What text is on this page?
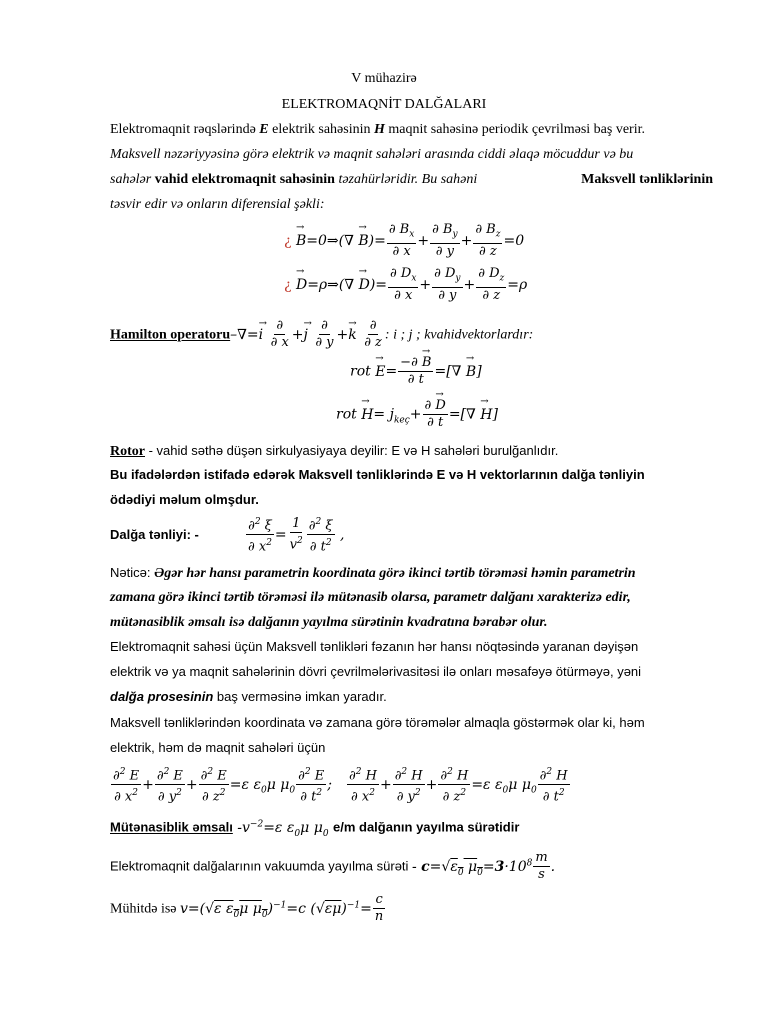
V mühazirə
ELEKTROMAQNİT DALĞALARI
Elektromaqnit rəqslərində E elektrik sahəsinin H maqnit sahəsinə periodik çevrilməsi baş verir.
Maksvell nəzəriyyəsinə görə elektrik və maqnit sahələri arasında ciddi əlaqə möcuddur və bu
sahələr vahid elektromaqnit sahəsinin təzahürləridir. Bu sahəni	Maksvell tənliklərinin
təsvir edir və onların diferensial şəkli:
¿ → B=0⇒(∇ → $B)= \frac{\partial B_x}{\partial x} + \frac{\partial B_y}{\partial y} + \frac{\partial B_z}{\partial z} =0$
¿ → D=ρ⇒(∇ → $D)= \frac{\partial D_x}{\partial x} + \frac{\partial D_y}{\partial y} + \frac{\partial D_z}{\partial z} =\rho$
Hamilton operatoru–∇=→ i $\frac{\partial}{\partial x} +\to j \frac{\partial}{\partial y} +\to k \frac{\partial}{\partial z}$ : i ; j ; kvahidvektorlardır:
rot → $E= \frac{-\partial \to B}{\partial t}$ =[∇ → B]
rot → $H= j_{keç}+ \frac{\partial \to D}{\partial t}$ =[∇ → H]
Rotor - vahid səthə düşən sirkulyasiyaya deyilir: E və H sahələri burulğanlıdır.
Bu ifadələrdən istifadə edərək Maksvell tənliklərində E və H vektorlarının dalğa tənliyin
ödədiyi məlum olmşdur.
Dalğa tənliyi: -	$\frac{\partial^2 \xi}{\partial x^2} = \frac{1}{v^2} \frac{\partial^2 \xi}{\partial t^2}$ ,
Nəticə: Əgər hər hansı parametrin koordinata görə ikinci tərtib törəməsi həmin parametrin
zamana görə ikinci tərtib törəməsi ilə mütənasib olarsa, parametr dalğanı xarakterizə edir,
mütənasiblik əmsalı isə dalğanın yayılma sürətinin kvadratına bərabər olur.
Elektromaqnit sahəsi üçün Maksvell tənlikləri fəzanın hər hansı nöqtəsində yaranan dəyişən
elektrik və ya maqnit sahələrinin dövri çevrilmələrivasitəsi ilə onları məsafəyə ötürməyə, yəni
dalğa prosesinin baş verməsinə imkan yaradır.
Maksvell tənliklərindən koordinata və zamana görə törəmələr almaqla göstərmək olar ki, həm
elektrik, həm də maqnit sahələri üçün
$\frac{\partial^2 E}{\partial x^2} + \frac{\partial^2 E}{\partial y^2} + \frac{\partial^2 E}{\partial z^2} =\varepsilon$ $\varepsilon_0\mu$ $\mu_0 \frac{\partial^2 E}{\partial t^2}$ ; $\frac{\partial^2 H}{\partial x^2} + \frac{\partial^2 H}{\partial y^2} + \frac{\partial^2 H}{\partial z^2} =\varepsilon$ $\varepsilon_0\mu$ $\mu_0 \frac{\partial^2 H}{\partial t^2}$
Mütənasiblik əmsalı $-v^{-2}=\varepsilon$ $\varepsilon_0\mu$ $\mu_0$ e/m dalğanın yayılma sürətidir
Elektromaqnit dalğalarının vakuumda yayılma sürəti - $c=√\varepsilon_0$ $\mu_0=3\cdot 10^8 \frac{m}{s}$ .
Mühitdə isə v=(√ε $\varepsilon_0\mu$ $\mu_0)^{-1}=c$ $(√\varepsilon\mu)^{-1}= \frac{c}{n}$
